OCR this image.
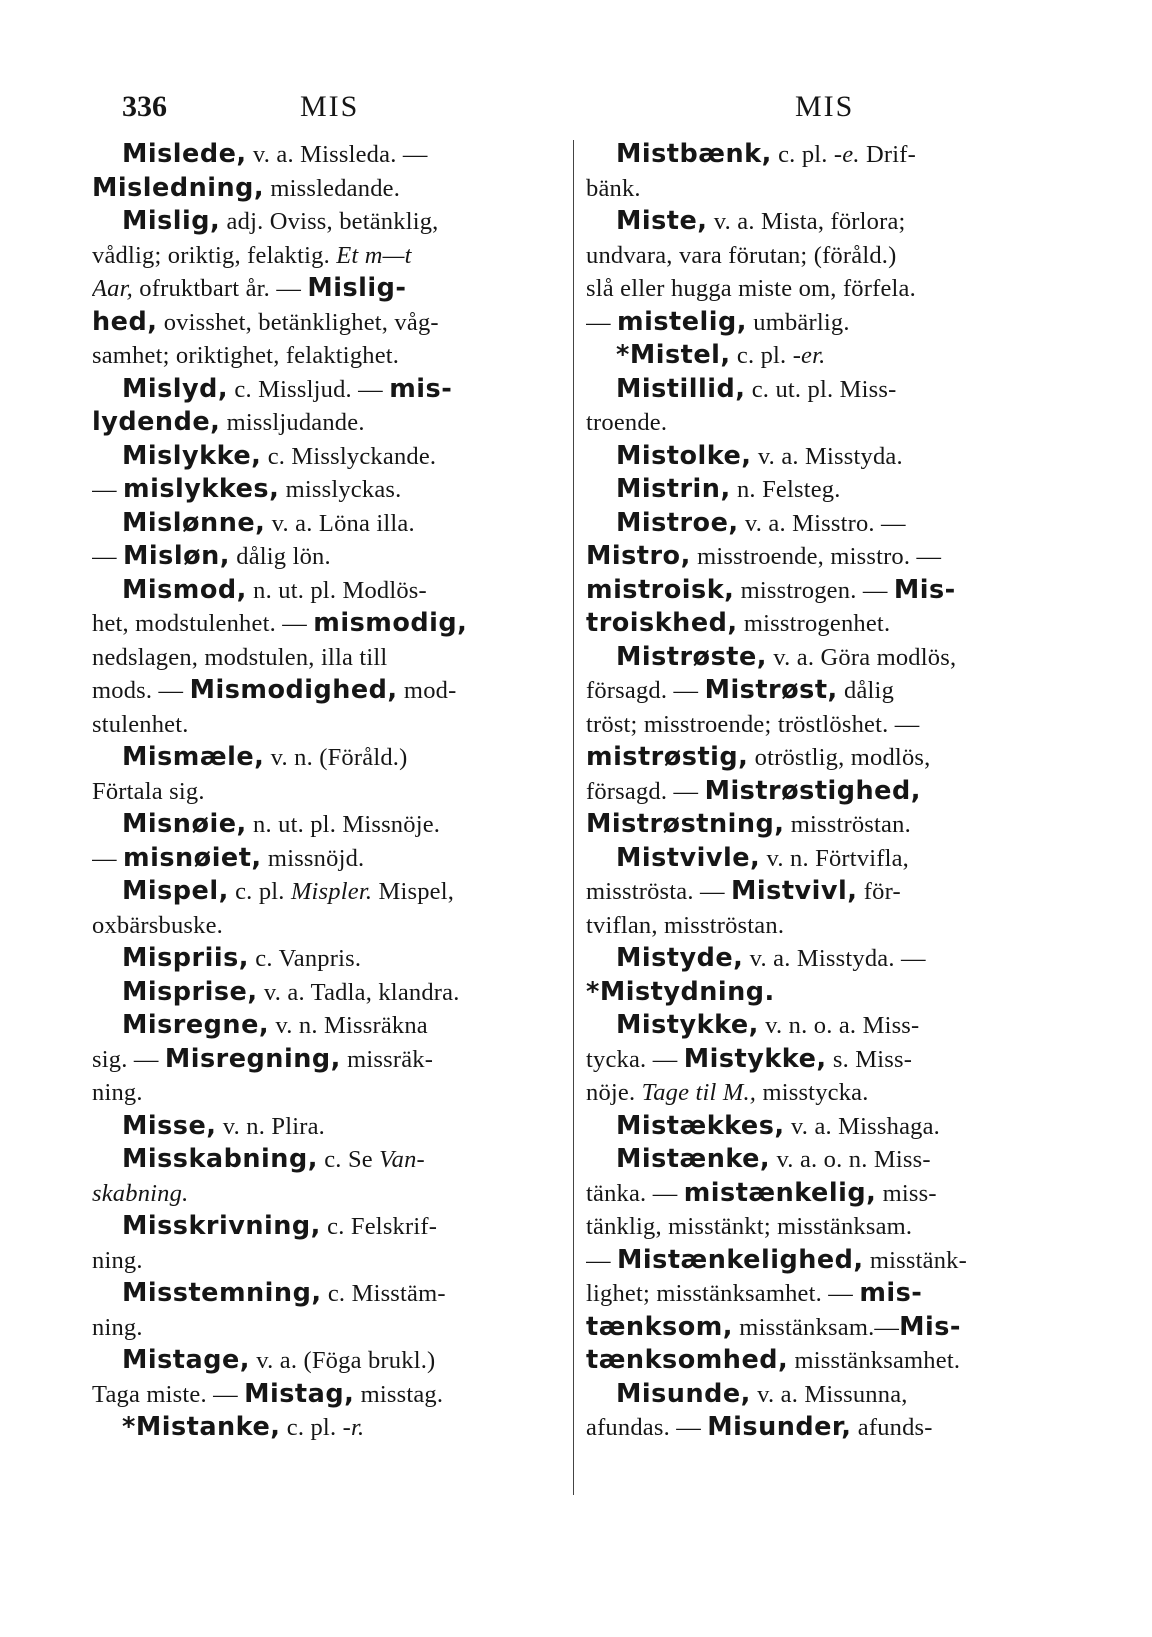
336	MIS	MIS
Mislede, v. a. Missleda. —
Misledning, missledande.
Mislig, adj. Oviss, betänklig,
vådlig; oriktig, felaktig. Et m—t
Aar, ofruktbart år. — Mislig-
hed, ovisshet, betänklighet, våg-
samhet; oriktighet, felaktighet.
Mislyd, c. Missljud. — mis-
lydende, missljudande.
Mislykke, c. Misslyckande.
— mislykkes, misslyckas.
Mislønne, v. a. Löna illa.
— Misløn, dålig lön.
Mismod, n. ut. pl. Modlös-
het, modstulenhet. — mismodig,
nedslagen, modstulen, illa till
mods. — Mismodighed, mod-
stulenhet.
Mismæle, v. n. (Föråld.)
Förtala sig.
Misnøie, n. ut. pl. Missnöje.
— misnøiet, missnöjd.
Mispel, c. pl. Mispler. Mispel,
oxbärsbuske.
Mispriis, c. Vanpris.
Misprise, v. a. Tadla, klandra.
Misregne, v. n. Missräkna
sig. — Misregning, missräk-
ning.
Misse, v. n. Plira.
Misskabning, c. Se Van-
skabning.
Misskrivning, c. Felskrif-
ning.
Misstemning, c. Misstäm-
ning.
Mistage, v. a. (Föga brukl.)
Taga miste. — Mistag, misstag.
*Mistanke, c. pl. -r.
Mistbænk, c. pl. -e. Drif-
bänk.
Miste, v. a. Mista, förlora;
undvara, vara förutan; (föråld.)
slå eller hugga miste om, förfela.
— mistelig, umbärlig.
*Mistel, c. pl. -er.
Mistillid, c. ut. pl. Miss-
troende.
Mistolke, v. a. Misstyda.
Mistrin, n. Felsteg.
Mistroe, v. a. Misstro. —
Mistro, misstroende, misstro. —
mistroisk, misstrogen. — Mis-
troiskhed, misstrogenhet.
Mistrøste, v. a. Göra modlös,
försagd. — Mistrøst, dålig
tröst; misstroende; tröstlöshet. —
mistrøstig, otröstlig, modlös,
försagd. — Mistrøstighed,
Mistrøstning, misströstan.
Mistvivle, v. n. Förtvifla,
misströsta. — Mistvivl, för-
tviflan, misströstan.
Mistyde, v. a. Misstyda. —
*Mistydning.
Mistykke, v. n. o. a. Miss-
tycka. — Mistykke, s. Miss-
nöje. Tage til M., misstycka.
Mistækkes, v. a. Misshaga.
Mistænke, v. a. o. n. Miss-
tänka. — mistænkelig, miss-
tänklig, misstänkt; misstänksam.
— Mistænkelighed, misstänk-
lighet; misstänksamhet. — mis-
tænksom, misstänksam.—Mis-
tænksomhed, misstänksamhet.
Misunde, v. a. Missunna,
afundas. — Misunder, afunds-
